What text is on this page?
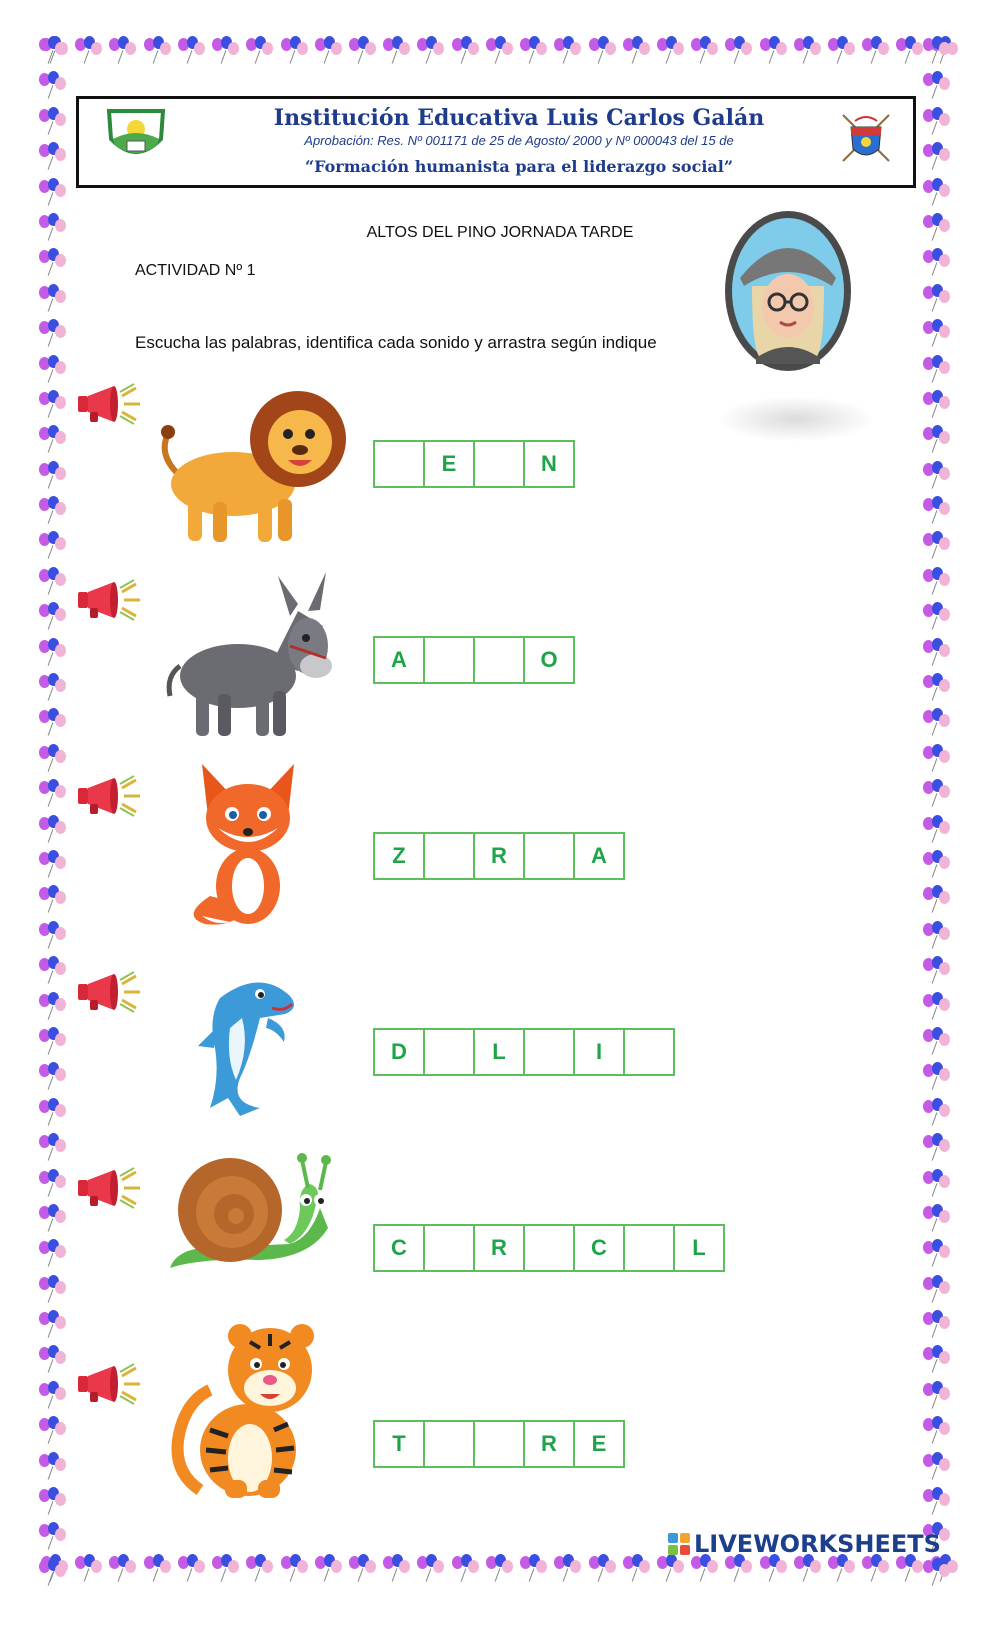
Institución Educativa Luis Carlos Galán
Aprobación: Res. Nº 001171 de 25 de Agosto/ 2000 y Nº 000043 del 15 de
“Formación humanista para el liderazgo social”
ALTOS DEL PINO JORNADA TARDE
ACTIVIDAD Nº 1
Escucha las palabras, identifica cada sonido y arrastra según indique
E	N
A	O
Z	R	A
D	L	I
C	R	C	L
T	R	E
LIVEWORKSHEETS
